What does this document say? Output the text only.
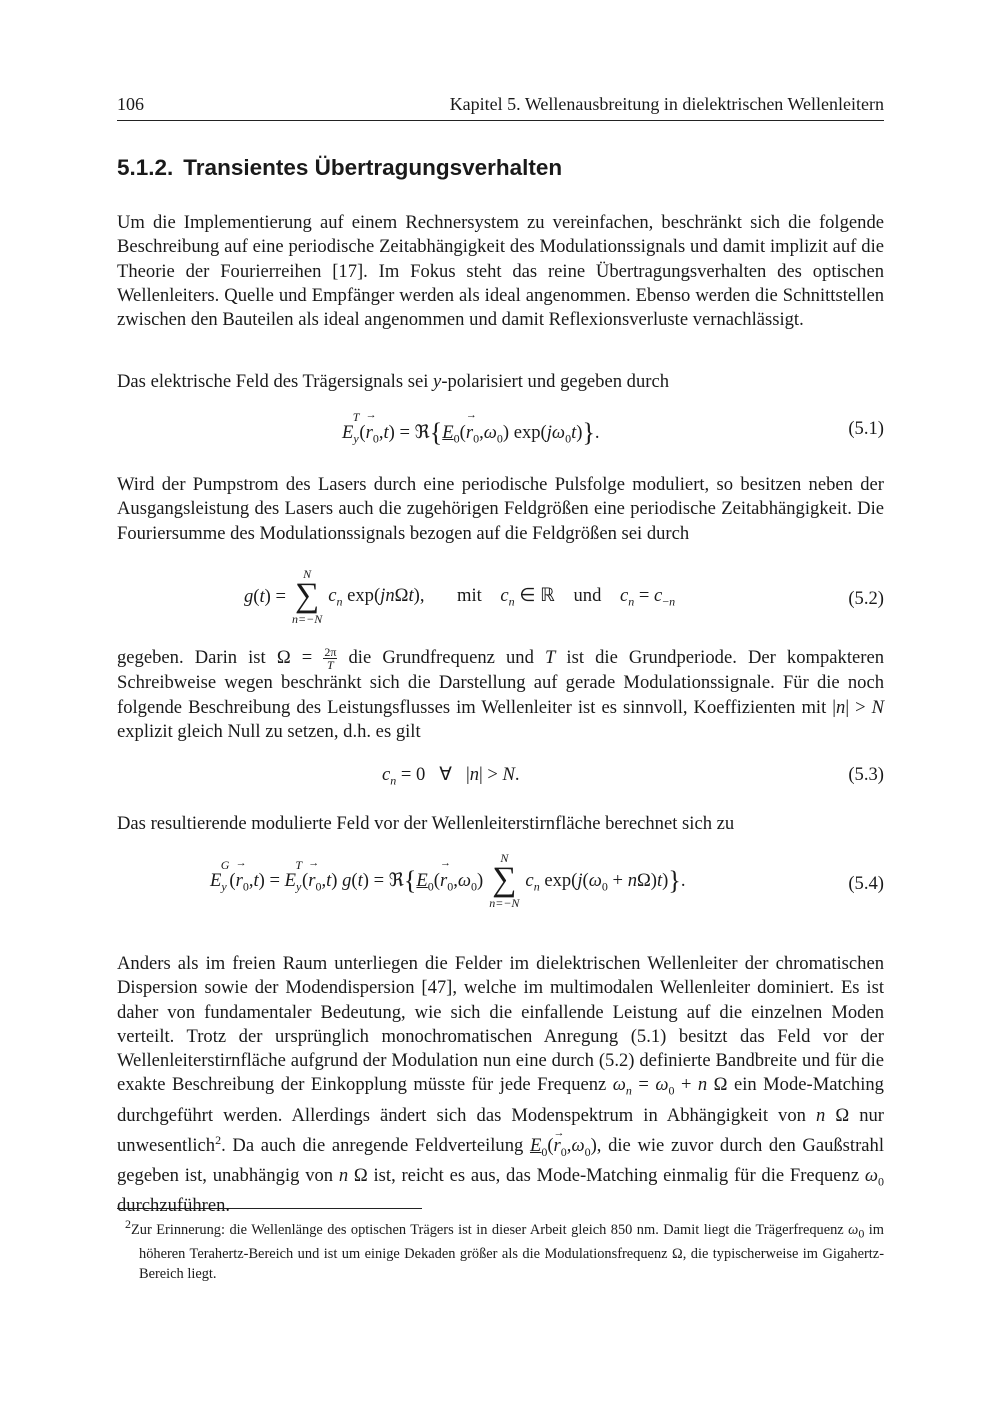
106	Kapitel 5. Wellenausbreitung in dielektrischen Wellenleitern
5.1.2. Transientes Übertragungsverhalten

Um die Implementierung auf einem Rechnersystem zu vereinfachen, beschränkt sich die folgende Beschreibung auf eine periodische Zeitabhängigkeit des Modulationssignals und damit implizit auf die Theorie der Fourierreihen [17]. Im Fokus steht das reine Übertragungsverhalten des optischen Wellenleiters. Quelle und Empfänger werden als ideal angenommen. Ebenso werden die Schnittstellen zwischen den Bauteilen als ideal angenommen und damit Reflexionsverluste vernachlässigt.

Das elektrische Feld des Trägersignals sei y-polarisiert und gegeben durch

$E_y^T(\to r_0,t)$ = $ℜ\{E_0(\to r_0,\omega_0)$ $\exp(j\omega_0t)$}.	(5.1)

Wird der Pumpstrom des Lasers durch eine periodische Pulsfolge moduliert, so besitzen neben der Ausgangsleistung des Lasers auch die zugehörigen Feldgrößen eine periodische Zeitabhängigkeit. Die Fouriersumme des Modulationssignals bezogen auf die Feldgrößen sei durch

g(t) =
N
∑
n=−N
$c_n$ exp(jnΩt),       mit    $c_n$ ∈ ℝ    und    $c_n = c_{-n}$	(5.2)

gegeben. Darin ist $\Omega = \frac{2\pi}{T}$ die Grundfrequenz und T ist die Grundperiode. Der kompakteren Schreibweise wegen beschränkt sich die Darstellung auf gerade Modulationssignale. Für die noch folgende Beschreibung des Leistungsflusses im Wellenleiter ist es sinnvoll, Koeffizienten mit |n| > N explizit gleich Null zu setzen, d.h. es gilt

$c_n = 0$   ∀   |n| > N.	(5.3)

Das resultierende modulierte Feld vor der Wellenleiterstirnfläche berechnet sich zu

$E_y^G(\to r_0,t) = E_y^T(\to r_0,t) g(t)$ = $ℜ\{E_0(\to r_0,\omega_0)$
N
∑
n=−N
$c_n$ $\exp(j(\omega_0 + n\Omega)t)$}.	(5.4)

Anders als im freien Raum unterliegen die Felder im dielektrischen Wellenleiter der chromatischen Dispersion sowie der Modendispersion [47], welche im multimodalen Wellenleiter dominiert. Es ist daher von fundamentaler Bedeutung, wie sich die einfallende Leistung auf die einzelnen Moden verteilt. Trotz der ursprünglich monochromatischen Anregung (5.1) besitzt das Feld vor der Wellenleiterstirnfläche aufgrund der Modulation nun eine durch (5.2) definierte Bandbreite und für die exakte Beschreibung der Einkopplung müsste für jede Frequenz $\omega_n = \omega_0 + n$ Ω ein Mode-Matching durchgeführt werden. Allerdings ändert sich das Modenspektrum in Abhängigkeit von n Ω nur unwesentlich$^2$. Da auch die anregende Feldverteilung $E_0(\to r_0,\omega_0)$, die wie zuvor durch den Gaußstrahl gegeben ist, unabhängig von n Ω ist, reicht es aus, das Mode-Matching einmalig für die Frequenz $\omega_0$ durchzuführen.

$^2$Zur Erinnerung: die Wellenlänge des optischen Trägers ist in dieser Arbeit gleich 850 nm. Damit liegt die Trägerfrequenz $\omega_0$ im höheren Terahertz-Bereich und ist um einige Dekaden größer als die Modulationsfrequenz Ω, die typischerweise im Gigahertz-Bereich liegt.
